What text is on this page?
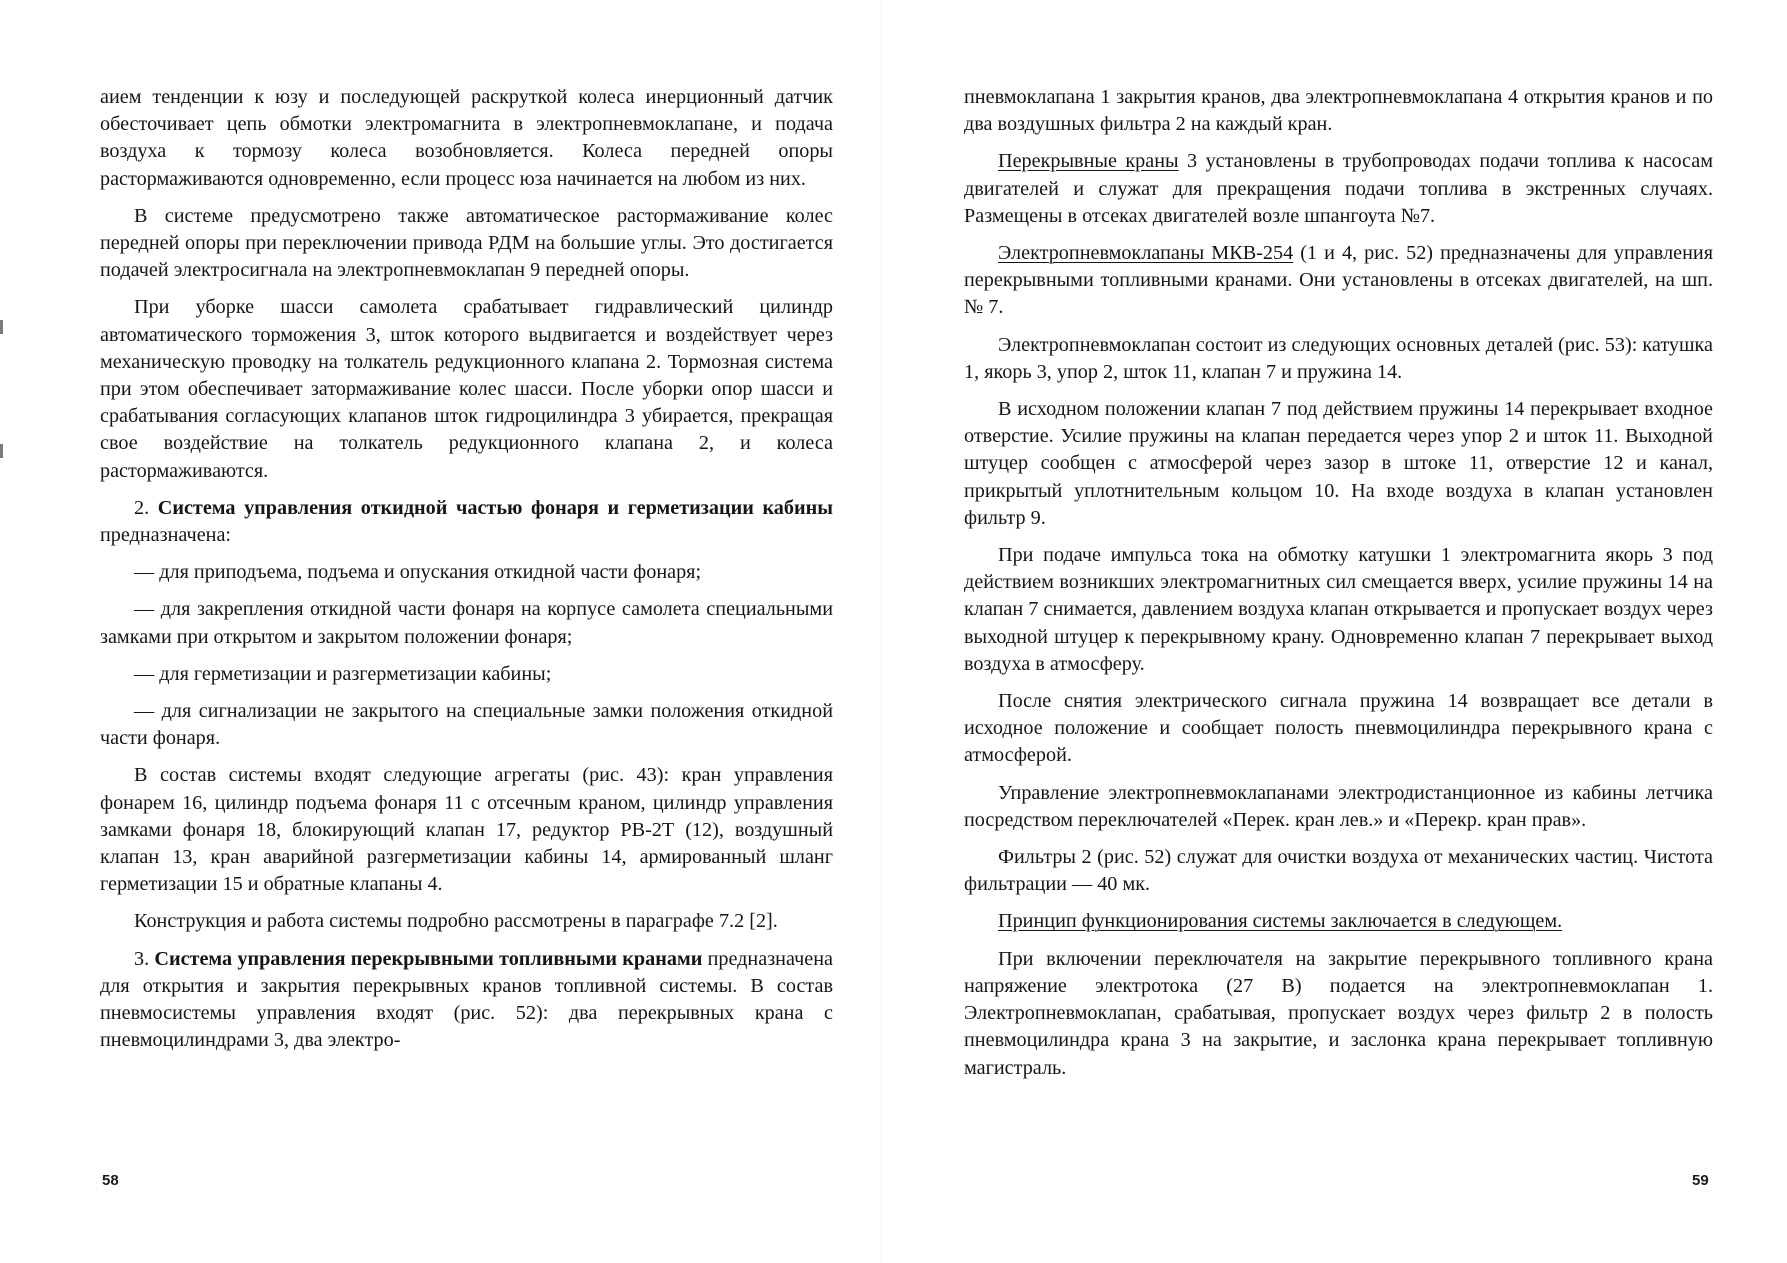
аием тенденции к юзу и последующей раскруткой колеса инерционный датчик обесточивает цепь обмотки электромагнита в электропневмоклапане, и подача воздуха к тормозу колеса возобновляется. Колеса передней опоры растормаживаются одновременно, если процесс юза начинается на любом из них.

В системе предусмотрено также автоматическое растормаживание колес передней опоры при переключении привода РДМ на большие углы. Это достигается подачей электросигнала на электропневмоклапан 9 передней опоры.

При уборке шасси самолета срабатывает гидравлический цилиндр автоматического торможения 3, шток которого выдвигается и воздействует через механическую проводку на толкатель редукционного клапана 2. Тормозная система при этом обеспечивает затормаживание колес шасси. После уборки опор шасси и срабатывания согласующих клапанов шток гидроцилиндра 3 убирается, прекращая свое воздействие на толкатель редукционного клапана 2, и колеса растормаживаются.

2. Система управления откидной частью фонаря и герметизации кабины предназначена:

— для приподъема, подъема и опускания откидной части фонаря;

— для закрепления откидной части фонаря на корпусе самолета специальными замками при открытом и закрытом положении фонаря;

— для герметизации и разгерметизации кабины;

— для сигнализации не закрытого на специальные замки положения откидной части фонаря.

В состав системы входят следующие агрегаты (рис. 43): кран управления фонарем 16, цилиндр подъема фонаря 11 с отсечным краном, цилиндр управления замками фонаря 18, блокирующий клапан 17, редуктор РВ-2Т (12), воздушный клапан 13, кран аварийной разгерметизации кабины 14, армированный шланг герметизации 15 и обратные клапаны 4.

Конструкция и работа системы подробно рассмотрены в параграфе 7.2 [2].

3. Система управления перекрывными топливными кранами предназначена для открытия и закрытия перекрывных кранов топливной системы. В состав пневмосистемы управления входят (рис. 52): два перекрывных крана с пневмоцилиндрами 3, два электро-

пневмоклапана 1 закрытия кранов, два электропневмоклапана 4 открытия кранов и по два воздушных фильтра 2 на каждый кран.

Перекрывные краны 3 установлены в трубопроводах подачи топлива к насосам двигателей и служат для прекращения подачи топлива в экстренных случаях. Размещены в отсеках двигателей возле шпангоута №7.

Электропневмоклапаны МКВ-254 (1 и 4, рис. 52) предназначены для управления перекрывными топливными кранами. Они установлены в отсеках двигателей, на шп. № 7.

Электропневмоклапан состоит из следующих основных деталей (рис. 53): катушка 1, якорь 3, упор 2, шток 11, клапан 7 и пружина 14.

В исходном положении клапан 7 под действием пружины 14 перекрывает входное отверстие. Усилие пружины на клапан передается через упор 2 и шток 11. Выходной штуцер сообщен с атмосферой через зазор в штоке 11, отверстие 12 и канал, прикрытый уплотнительным кольцом 10. На входе воздуха в клапан установлен фильтр 9.

При подаче импульса тока на обмотку катушки 1 электромагнита якорь 3 под действием возникших электромагнитных сил смещается вверх, усилие пружины 14 на клапан 7 снимается, давлением воздуха клапан открывается и пропускает воздух через выходной штуцер к перекрывному крану. Одновременно клапан 7 перекрывает выход воздуха в атмосферу.

После снятия электрического сигнала пружина 14 возвращает все детали в исходное положение и сообщает полость пневмоцилиндра перекрывного крана с атмосферой.

Управление электропневмоклапанами электродистанционное из кабины летчика посредством переключателей «Перек. кран лев.» и «Перекр. кран прав».

Фильтры 2 (рис. 52) служат для очистки воздуха от механических частиц. Чистота фильтрации — 40 мк.

Принцип функционирования системы заключается в следующем.

При включении переключателя на закрытие перекрывного топливного крана напряжение электротока (27 В) подается на электропневмоклапан 1. Электропневмоклапан, срабатывая, пропускает воздух через фильтр 2 в полость пневмоцилиндра крана 3 на закрытие, и заслонка крана перекрывает топливную магистраль.

58	59
